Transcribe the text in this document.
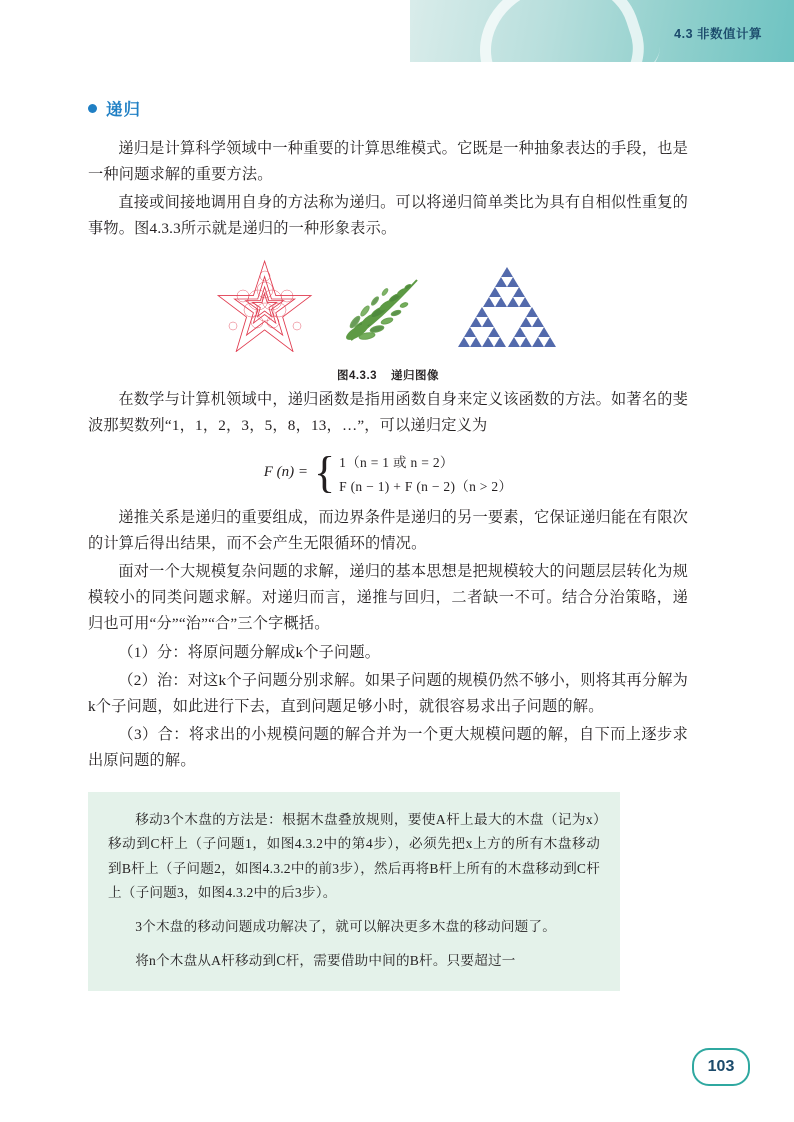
4.3 非数值计算
递归

递归是计算科学领域中一种重要的计算思维模式。它既是一种抽象表达的手段，也是一种问题求解的重要方法。

直接或间接地调用自身的方法称为递归。可以将递归简单类比为具有自相似性重复的事物。图4.3.3所示就是递归的一种形象表示。

图4.3.3 递归图像

在数学与计算机领域中，递归函数是指用函数自身来定义该函数的方法。如著名的斐波那契数列“1，1，2，3，5，8，13，…”，可以递归定义为

F (n) = { 1（n = 1 或 n = 2）
F (n − 1) + F (n − 2)（n > 2）

递推关系是递归的重要组成，而边界条件是递归的另一要素，它保证递归能在有限次的计算后得出结果，而不会产生无限循环的情况。

面对一个大规模复杂问题的求解，递归的基本思想是把规模较大的问题层层转化为规模较小的同类问题求解。对递归而言，递推与回归，二者缺一不可。结合分治策略，递归也可用“分”“治”“合”三个字概括。

（1）分：将原问题分解成k个子问题。

（2）治：对这k个子问题分别求解。如果子问题的规模仍然不够小，则将其再分解为k个子问题，如此进行下去，直到问题足够小时，就很容易求出子问题的解。

（3）合：将求出的小规模问题的解合并为一个更大规模问题的解，自下而上逐步求出原问题的解。

移动3个木盘的方法是：根据木盘叠放规则，要使A杆上最大的木盘（记为x）移动到C杆上（子问题1，如图4.3.2中的第4步），必须先把x上方的所有木盘移动到B杆上（子问题2，如图4.3.2中的前3步），然后再将B杆上所有的木盘移动到C杆上（子问题3，如图4.3.2中的后3步）。

3个木盘的移动问题成功解决了，就可以解决更多木盘的移动问题了。

将n个木盘从A杆移动到C杆，需要借助中间的B杆。只要超过一

103
